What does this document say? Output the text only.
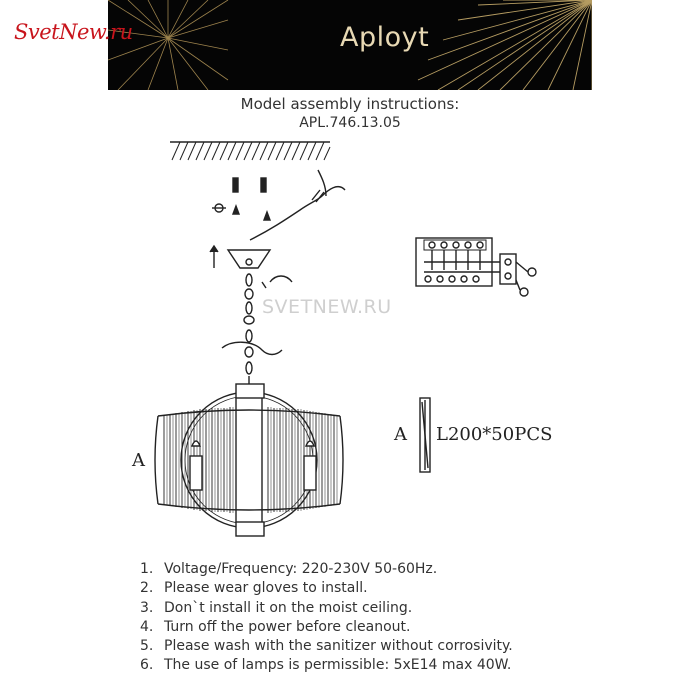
Aployt
SvetNew.ru
Model assembly instructions:
APL.746.13.05
SVETNEW.RU
A
A L200*50PCS
1. Voltage/Frequency: 220-230V 50-60Hz.
2. Please wear gloves to install.
3. Don`t install it on the moist ceiling.
4. Turn off the power before cleanout.
5. Please wash with the sanitizer without corrosivity.
6. The use of lamps is permissible: 5xE14 max 40W.
